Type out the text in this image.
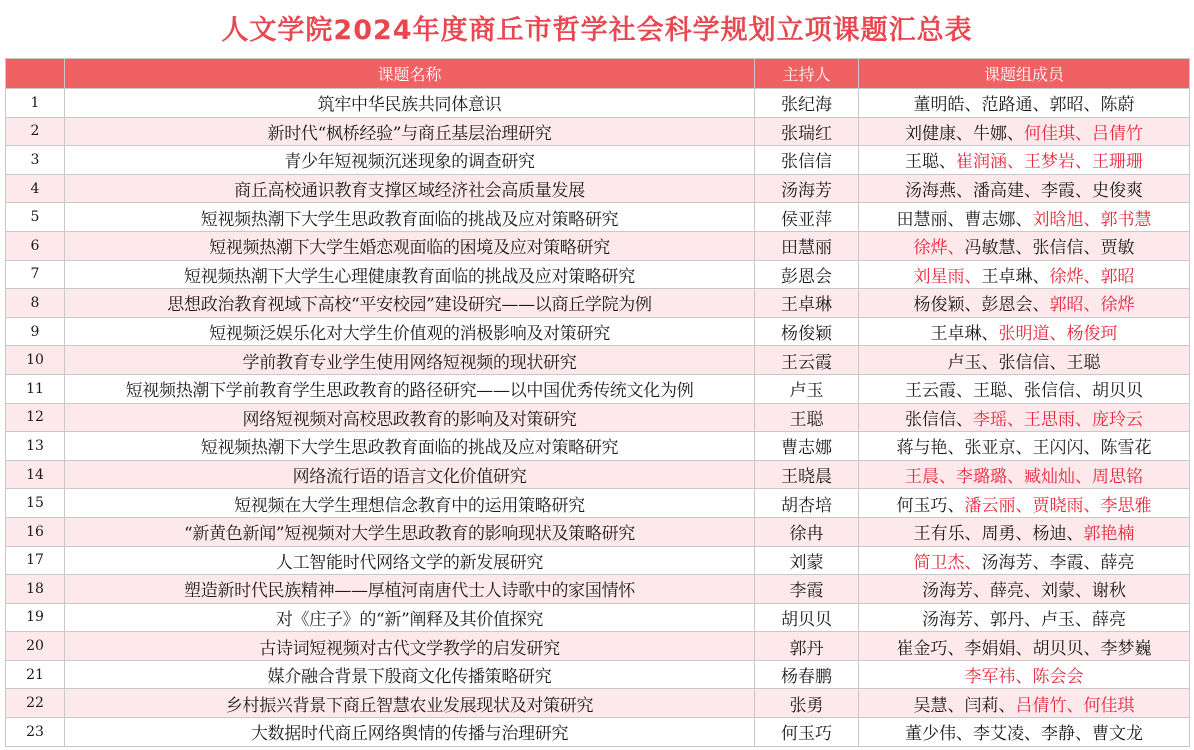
人文学院2024年度商丘市哲学社会科学规划立项课题汇总表
	课题名称	主持人	课题组成员
1	筑牢中华民族共同体意识	张纪海	董明皓、范路通、郭昭、陈蔚
2	新时代“枫桥经验”与商丘基层治理研究	张瑞红	刘健康、牛娜、何佳琪、吕倩竹
3	青少年短视频沉迷现象的调查研究	张信信	王聪、崔润涵、王梦岩、王珊珊
4	商丘高校通识教育支撑区域经济社会高质量发展	汤海芳	汤海燕、潘高建、李霞、史俊爽
5	短视频热潮下大学生思政教育面临的挑战及应对策略研究	侯亚萍	田慧丽、曹志娜、刘晗旭、郭书慧
6	短视频热潮下大学生婚恋观面临的困境及应对策略研究	田慧丽	徐烨、冯敏慧、张信信、贾敏
7	短视频热潮下大学生心理健康教育面临的挑战及应对策略研究	彭恩会	刘星雨、王卓琳、徐烨、郭昭
8	思想政治教育视域下高校“平安校园”建设研究——以商丘学院为例	王卓琳	杨俊颖、彭恩会、郭昭、徐烨
9	短视频泛娱乐化对大学生价值观的消极影响及对策研究	杨俊颖	王卓琳、张明道、杨俊珂
10	学前教育专业学生使用网络短视频的现状研究	王云霞	卢玉、张信信、王聪
11	短视频热潮下学前教育学生思政教育的路径研究——以中国优秀传统文化为例	卢玉	王云霞、王聪、张信信、胡贝贝
12	网络短视频对高校思政教育的影响及对策研究	王聪	张信信、李瑶、王思雨、庞玲云
13	短视频热潮下大学生思政教育面临的挑战及应对策略研究	曹志娜	蒋与艳、张亚京、王闪闪、陈雪花
14	网络流行语的语言文化价值研究	王晓晨	王晨、李璐璐、臧灿灿、周思铭
15	短视频在大学生理想信念教育中的运用策略研究	胡杏培	何玉巧、潘云丽、贾晓雨、李思雅
16	“新黄色新闻”短视频对大学生思政教育的影响现状及策略研究	徐冉	王有乐、周勇、杨迪、郭艳楠
17	人工智能时代网络文学的新发展研究	刘蒙	简卫杰、汤海芳、李霞、薛亮
18	塑造新时代民族精神——厚植河南唐代士人诗歌中的家国情怀	李霞	汤海芳、薛亮、刘蒙、谢秋
19	对《庄子》的“新”阐释及其价值探究	胡贝贝	汤海芳、郭丹、卢玉、薛亮
20	古诗词短视频对古代文学教学的启发研究	郭丹	崔金巧、李娟娟、胡贝贝、李梦巍
21	媒介融合背景下殷商文化传播策略研究	杨春鹏	李军祎、陈会会
22	乡村振兴背景下商丘智慧农业发展现状及对策研究	张勇	吴慧、闫莉、吕倩竹、何佳琪
23	大数据时代商丘网络舆情的传播与治理研究	何玉巧	董少伟、李艾凌、李静、曹文龙
